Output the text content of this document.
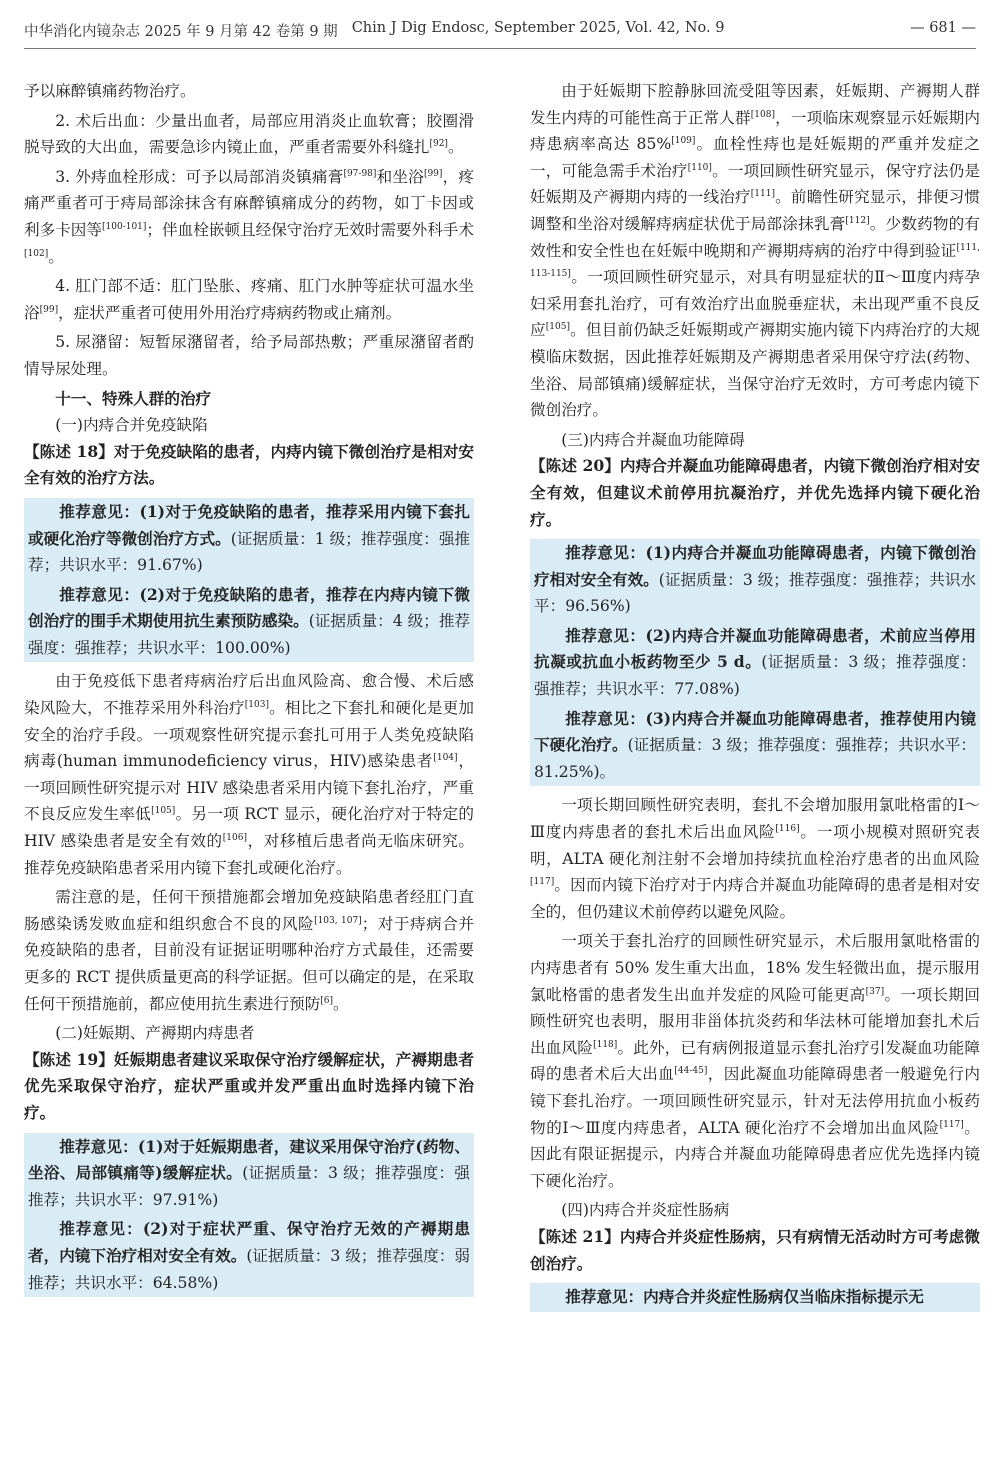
中华消化内镜杂志 2025 年 9 月第 42 卷第 9 期 Chin J Dig Endosc, September 2025, Vol. 42, No. 9	— 681 —

予以麻醉镇痛药物治疗。

2. 术后出血：少量出血者，局部应用消炎止血软膏；胶圈滑脱导致的大出血，需要急诊内镜止血，严重者需要外科缝扎[92]。

3. 外痔血栓形成：可予以局部消炎镇痛膏[97-98]和坐浴[99]，疼痛严重者可于痔局部涂抹含有麻醉镇痛成分的药物，如丁卡因或利多卡因等[100-101]；伴血栓嵌顿且经保守治疗无效时需要外科手术[102]。

4. 肛门部不适：肛门坠胀、疼痛、肛门水肿等症状可温水坐浴[99]，症状严重者可使用外用治疗痔病药物或止痛剂。

5. 尿潴留：短暂尿潴留者，给予局部热敷；严重尿潴留者酌情导尿处理。

十一、特殊人群的治疗

(一)内痔合并免疫缺陷

【陈述 18】对于免疫缺陷的患者，内痔内镜下微创治疗是相对安全有效的治疗方法。

推荐意见：(1)对于免疫缺陷的患者，推荐采用内镜下套扎或硬化治疗等微创治疗方式。(证据质量：1 级；推荐强度：强推荐；共识水平：91.67%)

推荐意见：(2)对于免疫缺陷的患者，推荐在内痔内镜下微创治疗的围手术期使用抗生素预防感染。(证据质量：4 级；推荐强度：强推荐；共识水平：100.00%)

由于免疫低下患者痔病治疗后出血风险高、愈合慢、术后感染风险大，不推荐采用外科治疗[103]。相比之下套扎和硬化是更加安全的治疗手段。一项观察性研究提示套扎可用于人类免疫缺陷病毒(human immunodeficiency virus，HIV)感染患者[104]，一项回顾性研究提示对 HIV 感染患者采用内镜下套扎治疗，严重不良反应发生率低[105]。另一项 RCT 显示，硬化治疗对于特定的 HIV 感染患者是安全有效的[106]，对移植后患者尚无临床研究。推荐免疫缺陷患者采用内镜下套扎或硬化治疗。

需注意的是，任何干预措施都会增加免疫缺陷患者经肛门直肠感染诱发败血症和组织愈合不良的风险[103, 107]；对于痔病合并免疫缺陷的患者，目前没有证据证明哪种治疗方式最佳，还需要更多的 RCT 提供质量更高的科学证据。但可以确定的是，在采取任何干预措施前，都应使用抗生素进行预防[6]。

(二)妊娠期、产褥期内痔患者

【陈述 19】妊娠期患者建议采取保守治疗缓解症状，产褥期患者优先采取保守治疗，症状严重或并发严重出血时选择内镜下治疗。

推荐意见：(1)对于妊娠期患者，建议采用保守治疗(药物、坐浴、局部镇痛等)缓解症状。(证据质量：3 级；推荐强度：强推荐；共识水平：97.91%)

推荐意见：(2)对于症状严重、保守治疗无效的产褥期患者，内镜下治疗相对安全有效。(证据质量：3 级；推荐强度：弱推荐；共识水平：64.58%)

由于妊娠期下腔静脉回流受阻等因素，妊娠期、产褥期人群发生内痔的可能性高于正常人群[108]，一项临床观察显示妊娠期内痔患病率高达 85%[109]。血栓性痔也是妊娠期的严重并发症之一，可能急需手术治疗[110]。一项回顾性研究显示，保守疗法仍是妊娠期及产褥期内痔的一线治疗[111]。前瞻性研究显示，排便习惯调整和坐浴对缓解痔病症状优于局部涂抹乳膏[112]。少数药物的有效性和安全性也在妊娠中晚期和产褥期痔病的治疗中得到验证[111, 113-115]。一项回顾性研究显示，对具有明显症状的Ⅱ～Ⅲ度内痔孕妇采用套扎治疗，可有效治疗出血脱垂症状，未出现严重不良反应[105]。但目前仍缺乏妊娠期或产褥期实施内镜下内痔治疗的大规模临床数据，因此推荐妊娠期及产褥期患者采用保守疗法(药物、坐浴、局部镇痛)缓解症状，当保守治疗无效时，方可考虑内镜下微创治疗。

(三)内痔合并凝血功能障碍

【陈述 20】内痔合并凝血功能障碍患者，内镜下微创治疗相对安全有效，但建议术前停用抗凝治疗，并优先选择内镜下硬化治疗。

推荐意见：(1)内痔合并凝血功能障碍患者，内镜下微创治疗相对安全有效。(证据质量：3 级；推荐强度：强推荐；共识水平：96.56%)

推荐意见：(2)内痔合并凝血功能障碍患者，术前应当停用抗凝或抗血小板药物至少 5 d。(证据质量：3 级；推荐强度：强推荐；共识水平：77.08%)

推荐意见：(3)内痔合并凝血功能障碍患者，推荐使用内镜下硬化治疗。(证据质量：3 级；推荐强度：强推荐；共识水平：81.25%)。

一项长期回顾性研究表明，套扎不会增加服用氯吡格雷的Ⅰ～Ⅲ度内痔患者的套扎术后出血风险[116]。一项小规模对照研究表明，ALTA 硬化剂注射不会增加持续抗血栓治疗患者的出血风险[117]。因而内镜下治疗对于内痔合并凝血功能障碍的患者是相对安全的，但仍建议术前停药以避免风险。

一项关于套扎治疗的回顾性研究显示，术后服用氯吡格雷的内痔患者有 50% 发生重大出血，18% 发生轻微出血，提示服用氯吡格雷的患者发生出血并发症的风险可能更高[37]。一项长期回顾性研究也表明，服用非甾体抗炎药和华法林可能增加套扎术后出血风险[118]。此外，已有病例报道显示套扎治疗引发凝血功能障碍的患者术后大出血[44-45]，因此凝血功能障碍患者一般避免行内镜下套扎治疗。一项回顾性研究显示，针对无法停用抗血小板药物的Ⅰ～Ⅲ度内痔患者，ALTA 硬化治疗不会增加出血风险[117]。因此有限证据提示，内痔合并凝血功能障碍患者应优先选择内镜下硬化治疗。

(四)内痔合并炎症性肠病

【陈述 21】内痔合并炎症性肠病，只有病情无活动时方可考虑微创治疗。

推荐意见：内痔合并炎症性肠病仅当临床指标提示无
